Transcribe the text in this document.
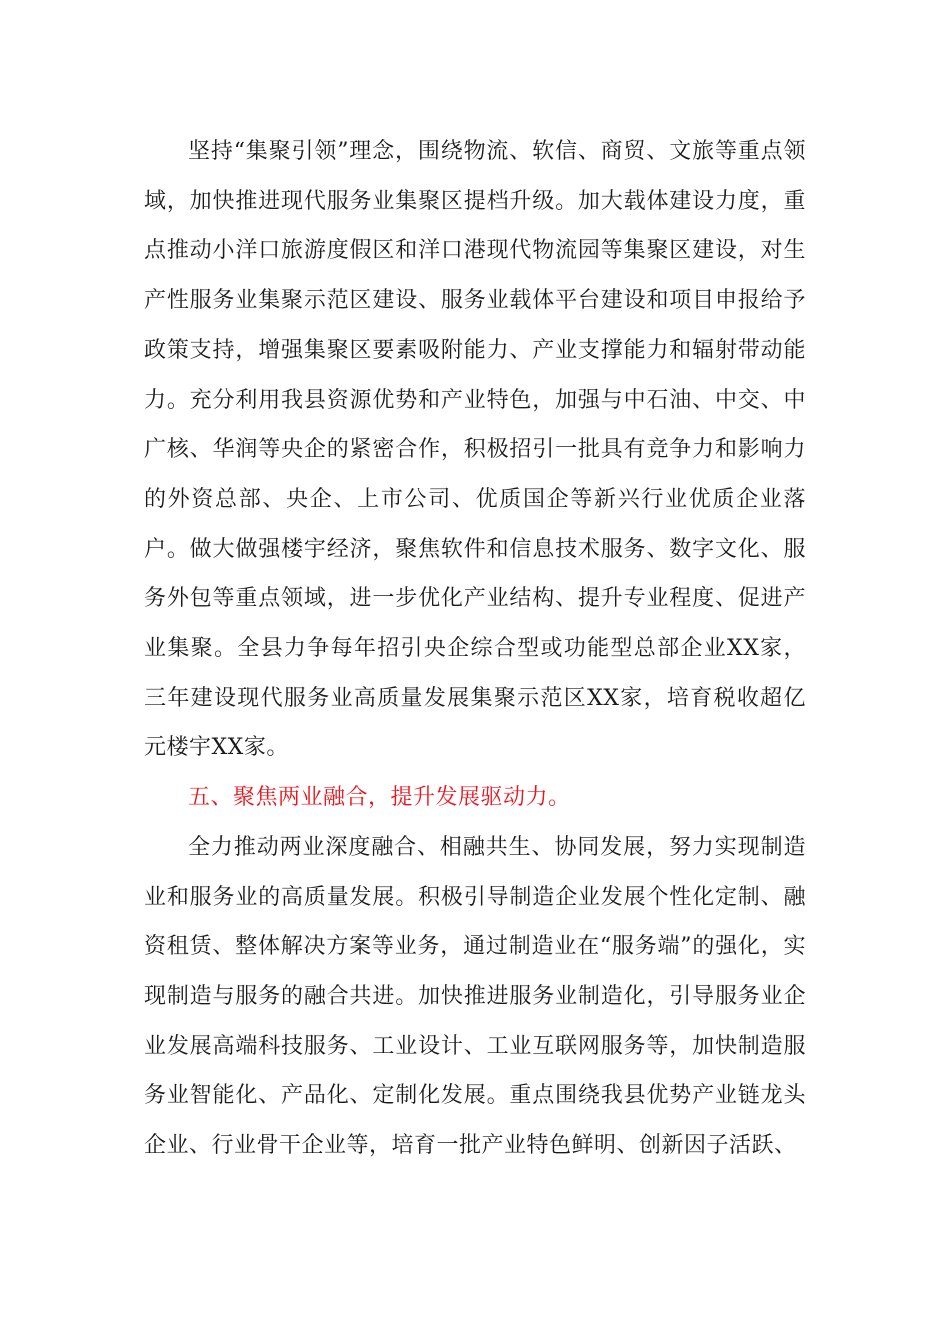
坚持“集聚引领”理念，围绕物流、软信、商贸、文旅等重点领域，加快推进现代服务业集聚区提档升级。加大载体建设力度，重点推动小洋口旅游度假区和洋口港现代物流园等集聚区建设，对生产性服务业集聚示范区建设、服务业载体平台建设和项目申报给予政策支持，增强集聚区要素吸附能力、产业支撑能力和辐射带动能力。充分利用我县资源优势和产业特色，加强与中石油、中交、中广核、华润等央企的紧密合作，积极招引一批具有竞争力和影响力的外资总部、央企、上市公司、优质国企等新兴行业优质企业落户。做大做强楼宇经济，聚焦软件和信息技术服务、数字文化、服务外包等重点领域，进一步优化产业结构、提升专业程度、促进产业集聚。全县力争每年招引央企综合型或功能型总部企业XX家，三年建设现代服务业高质量发展集聚示范区XX家，培育税收超亿元楼宇XX家。

五、聚焦两业融合，提升发展驱动力。

全力推动两业深度融合、相融共生、协同发展，努力实现制造业和服务业的高质量发展。积极引导制造企业发展个性化定制、融资租赁、整体解决方案等业务，通过制造业在“服务端”的强化，实现制造与服务的融合共进。加快推进服务业制造化，引导服务业企业发展高端科技服务、工业设计、工业互联网服务等，加快制造服务业智能化、产品化、定制化发展。重点围绕我县优势产业链龙头企业、行业骨干企业等，培育一批产业特色鲜明、创新因子活跃、
